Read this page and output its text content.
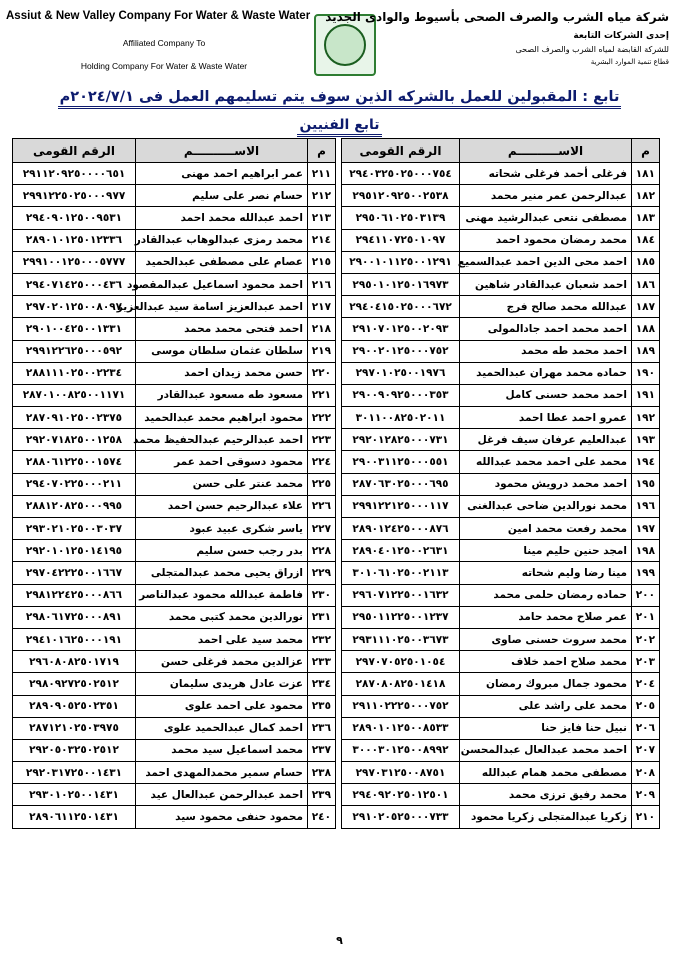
Assiut & New Valley Company For Water & Waste Water
Affiliated Company To
Holding Company For Water & Waste Water
شركة مياه الشرب والصرف الصحى بأسيوط والوادى الجديد
إحدى الشركات التابعة
للشركة القابضة لمياه الشرب والصرف الصحى
قطاع تنمية الموارد البشرية
تابع : المقبولين للعمل بالشركه الذين سوف يتم تسليمهم العمل فى ٢٠٢٤/٧/١م
تابع الفنيين
م	الاســــــــــم	الرقم القومى		م	الاســــــــــم	الرقم القومى
١٨١	فرغلى أحمد فرغلى شحاته	٢٩٤٠٣٢٥٠٢٥٠٠٠٧٥٤		٢١١	عمر ابراهيم احمد مهنى	٢٩١١٢٠٩٢٥٠٠٠٠٦٥١
١٨٢	عبدالرحمن عمر منير محمد	٢٩٥١٢٠٩٢٥٠٠٢٥٣٨		٢١٢	حسام نصر على سليم	٢٩٩١٢٢٥٠٢٥٠٠٠٩٧٧
١٨٣	مصطفى نتعى عبدالرشيد مهنى	٢٩٥٠٦١٠٢٥٠٣١٣٩		٢١٣	احمد عبدالله محمد احمد	٢٩٤٠٩٠١٢٥٠٠٩٥٣١
١٨٤	محمد رمضان محمود احمد	٢٩٤١١٠٧٢٥٠١٠٩٧		٢١٤	محمد رمزى عبدالوهاب عبدالقادر	٢٨٩٠١٠١٢٥٠١٢٣٣٦
١٨٥	احمد محى الدين احمد عبدالسميع	٢٩٠٠١٠١١٢٥٠٠١٢٩١		٢١٥	عصام على مصطفى عبدالحميد	٢٩٩١٠٠١٢٥٠٠٠٥٧٧٧
١٨٦	احمد شعبان عبدالقادر شاهين	٢٩٥٠١٠١٢٥٠١٦٩٧٣		٢١٦	احمد محمود اسماعيل عبدالمقصود	٢٩٤٠٧١٤٢٥٠٠٠٤٣٦
١٨٧	عبدالله محمد صالح فرج	٢٩٤٠٤١٥٠٢٥٠٠٠٦٧٢		٢١٧	احمد عبدالعزيز اسامة سيد عبدالعزيز	٢٩٧٠٢٠١٢٥٠٠٨٠٩٧
١٨٨	احمد محمد احمد جادالمولى	٢٩١٠٧٠١٢٥٠٠٢٠٩٣		٢١٨	احمد فتحى محمد محمد	٢٩٠١٠٠٤٢٥٠٠١٣٣١
١٨٩	احمد محمد طه محمد	٢٩٠٠٢٠١٢٥٠٠٠٧٥٢		٢١٩	سلطان عثمان سلطان موسى	٢٩٩١٢٢٦٢٥٠٠٠٥٩٢
١٩٠	حماده محمد مهران عبدالحميد	٢٩٧٠١٠٢٥٠٠١٩٧٦		٢٢٠	حسن محمد زيدان احمد	٢٨٨١١١٠٢٥٠٠٢٢٣٤
١٩١	احمد محمد حسنى كامل	٢٩٠٠٩٠٩٢٥٠٠٠٣٥٣		٢٢١	مسعود طه مسعود عبدالقادر	٢٨٧٠١٠٠٨٢٥٠٠١١٧١
١٩٢	عمرو احمد عطا احمد	٣٠١١٠٠٨٢٥٠٢٠١١		٢٢٢	محمود ابراهيم محمد عبدالحميد	٢٨٧٠٩١٠٢٥٠٠٢٣٧٥
١٩٣	عبدالعليم عرفان سيف فرغل	٢٩٢٠١٢٨٢٥٠٠٠٧٣١		٢٢٣	احمد عبدالرحيم عبدالحفيظ محمد	٢٩٢٠٧١٨٢٥٠٠١٢٥٨
١٩٤	محمد على احمد محمد عبدالله	٢٩٠٠٣١١٢٥٠٠٠٥٥١		٢٢٤	محمود دسوقى احمد عمر	٢٨٨٠٦١٢٢٥٠٠١٥٧٤
١٩٥	احمد محمد درويش محمود	٢٨٧٠٦٣٠٢٥٠٠٠٦٩٥		٢٢٥	محمد عنتر على حسن	٢٩٤٠٧٠٢٢٥٠٠٠٢١١
١٩٦	محمد نورالدين ضاحى عبدالغنى	٢٩٩١٢٢١٢٥٠٠٠١١٧		٢٢٦	علاء عبدالرحيم حسن احمد	٢٨٨١٢٠٨٢٥٠٠٠٩٩٥
١٩٧	محمد رفعت محمد امين	٢٨٩٠١٢٤٢٥٠٠٠٨٧٦		٢٢٧	ياسر شكرى عبيد عبود	٢٩٣٠٢١٠٢٥٠٠٣٠٣٧
١٩٨	امجد حنين حليم مينا	٢٨٩٠٤٠١٢٥٠٠٢٦٣١		٢٢٨	بدر رجب حسن سليم	٢٩٢٠١٠١٢٥٠١٤١٩٥
١٩٩	مينا رضا وليم شحاته	٣٠١٠٦١٠٢٥٠٠٢١١٣		٢٢٩	ازراق يحيى محمد عبدالمتجلى	٢٩٧٠٤٢٢٢٥٠٠١٦٦٧
٢٠٠	حماده رمضان حلمى محمد	٢٩٦٠٧١٢٢٥٠٠١٦٣٢		٢٣٠	فاطمة عبدالله محمود عبدالناصر	٢٩٨١٢٢٤٢٥٠٠٠٨٦٦
٢٠١	عمر صلاح محمد حامد	٢٩٥٠١١٢٢٥٠٠١٢٣٧		٢٣١	نورالدين محمد كتبى محمد	٢٩٨٠٦١٧٢٥٠٠٠٨٩١
٢٠٢	محمد سروت حسنى صاوى	٢٩٣١١١٠٢٥٠٠٣٦٧٣		٢٣٢	محمد سيد على احمد	٢٩٤١٠١٦٢٥٠٠٠١٩١
٢٠٣	محمد صلاح احمد خلاف	٢٩٧٠٧٠٥٢٥٠١٠٥٤		٢٣٣	عزالدين محمد فرغلى حسن	٢٩٦٠٨٠٨٢٥٠١٧١٩
٢٠٤	محمود جمال مبروك رمضان	٢٨٧٠٨٠٨٢٥٠١٤١٨		٢٣٤	عزت عادل هريدى سليمان	٢٩٨٠٩٢٧٢٥٠٢٥١٢
٢٠٥	محمد على راشد على	٢٩١١٠٢٢٢٥٠٠٠٧٥٢		٢٣٥	محمود على احمد علوى	٢٨٩٠٩٠٥٢٥٠٢٣٥١
٢٠٦	نبيل حنا فايز حنا	٢٨٩٠١٠١٢٥٠٠٨٥٣٣		٢٣٦	احمد كمال عبدالحميد علوى	٢٨٧١٢١٠٢٥٠٣٩٧٥
٢٠٧	احمد محمد عبدالعال عبدالمحسن	٣٠٠٠٣٠١٢٥٠٠٨٩٩٢		٢٣٧	محمد اسماعيل سيد محمد	٢٩٢٠٥٠٣٢٥٠٢٥١٢
٢٠٨	مصطفى محمد همام عبدالله	٢٩٧٠٣١٢٥٠٠٨٧٥١		٢٣٨	حسام سمير محمدالمهدى احمد	٢٩٢٠٣١٧٢٥٠٠١٤٣١
٢٠٩	محمد رفيق ترزى محمد	٢٩٤٠٩٢٠٢٥٠١٢٥٠١		٢٣٩	احمد عبدالرحمن عبدالعال عيد	٢٩٣٠١٠٢٥٠٠١٤٣١
٢١٠	زكريا عبدالمتجلى زكريا محمود	٢٩١٠٢٠٥٢٥٠٠٠٧٣٣		٢٤٠	محمود حنفى محمود سيد	٢٨٩٠٦١١٢٥٠١٤٣١
٩
